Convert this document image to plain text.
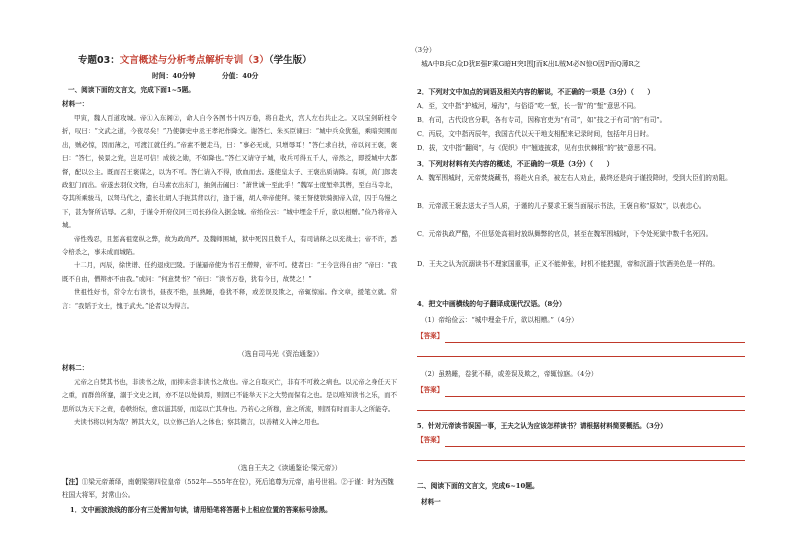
专题03：文言概述与分析考点解析专训（3）（学生版）
时间：40分钟	分值：40分
一、阅读下面的文言文，完成下面1~5题。
材料一：

甲寅，魏人百道攻城。帝①入东阁②，命人自今各图书十四万卷，将自赴火，宫人左右共止之。又以宝剑斫柱令折，叹曰：“文武之道，今夜尽矣！”乃使御史中丞王孝祀作降文。谢答仁、朱买臣谏曰：“城中兵众犹强，乘暗突围而出，贼必惊，因而薄之，可渡江就任约。”帝素不便走马，曰：“事必无成，只增辱耳！”答仁求自扶，帝以问王褒，褒曰：“答仁，侯景之党，岂足可信！成彼之勋，不如降也。”答仁又请守子城，收兵可得五千人，帝然之，即授城中大都督，配以公主。既而召王褒谋之，以为不可。答仁请入不得，欧血而去。遂使皇太子、王褒出质请降。有顷，黄门郎裴政犯门而出。帝遂去羽仪文物，白马素衣出东门，抽剑击阖曰：“萧世诚一至此乎！”魏军士度堑牵其辔，至白马寺北，夺其所乘骏马，以驽马代之，遣长壮胡人手扼其背以行，逢于谨，胡人牵帝使拜。梁王詧使铁骑拥帝入营，囚于乌慢之下，甚为詧所诘辱。乙卯，于谨令开府仪同三司长孙俭入据金城。帝绐俭云：“城中埋金千斤，欲以相赠。”俭乃将帝入城。

帝性残忍，且惩高祖宽纵之弊，故为政尚严。及魏师围城，狱中死囚且数千人，有司请释之以充战士；帝不许，悉令棓杀之，事未成而城陷。

十二月，丙辰，徐世谱、任约退戍巴陵。于谨逼帝使为书召王僧辩，帝不可。使者曰：“王今岂得自由？”帝曰：“我既不自由，僧辩亦不由我。”或问：“何意焚书？”帝曰：“读书万卷，犹有今日，故焚之！”

世祖性好书，常令左右读书，昼夜不绝，虽熟睡，卷犹不释，或差误及欺之，帝辄惊寤。作文章，援笔立就。常言：“我韬于文士，愧于武夫。”论者以为得言。

（选自司马光《资治通鉴》）
材料二：

元帝之自焚其书也，非读书之故，而抑未尝非读书之故也。帝之自取灭亡，非有不可救之病也。以元帝之身任天下之重，而群兽所蹇，溺于文史之间，亦不足以处倘焉，则固已不能举天下之大势而保有之也。是以唯知读书之乐，而不思所以为天下之责，卷帙纷纭，愈以滋其骄，而迄以亡其身也。乃若心之所穆，意之所流，则固有时而非人之所能夺。

夫读书将以何为哉？辨其大义，以立修己治人之体也；察其微言，以善精义入神之用也。

（选自王夫之《读通鉴论·梁元帝》）
【注】①梁元帝萧绎，南朝梁第四位皇帝（552年—555年在位），死后追尊为元帝，庙号世祖。②于谨：时为西魏柱国大将军，封常山公。
1．文中画波浪线的部分有三处需加句读，请用铅笔将答题卡上相应位置的答案标号涂黑。
（3分）
城A中B兵C众D犹E强F乘G暗H突I围J而K出L贼M必N惊O因P而Q薄R之
2．下列对文中加点的词语及相关内容的解说，不正确的一项是（3分）（　　）
A．至，文中指“护城河，壕沟”，与俗语“吃一堑，长一智”的“堑”意思不同。
B．有司，古代设官分职，各有专司，因称官吏为“有司”，如“技之于有司”的“有司”。
C．丙辰，文中指丙辰年，我国古代以天干地支相配来记录时间，包括年月日时。
D．拔，文中指“翻阅”，与《促织》中“翘迹披求，见有虫伏棘根”的“披”意思不同。
3．下列对材料有关内容的概述，不正确的一项是（3分）（　　）
A．魏军围城时，元帝焚烧藏书，将赴火自杀，被左右人劝止，最终还是向于谨投降时，受到大臣们的劝阻。
B．元帝派王褒去送太子当人质，于谨的儿子要求王褒当面展示书法，王褒自称“原奴”，以表忠心。
C．元帝执政严酷，不但惩处高祖时放纵舞弊的官员，甚至在魏军围城时，下令处死狱中数千名死囚。
D．王夫之认为沉溺读书不理家国重事，正义不能伸张，时机不能把握，帝和沉湎于饮酒美色是一样的。
4．把文中画横线的句子翻译成现代汉语。（8分）
（1）帝绐俭云：“城中埋金千斤，欲以相赠。”（4分）
【答案】
（2）虽熟睡，卷犹不释，或差误及欺之，帝辄惊寤。（4分）
【答案】
5．针对元帝读书误国一事，王夫之认为应该怎样读书？请根据材料简要概括。（3分）
【答案】
二、阅读下面的文言文，完成6~10题。
材料一
